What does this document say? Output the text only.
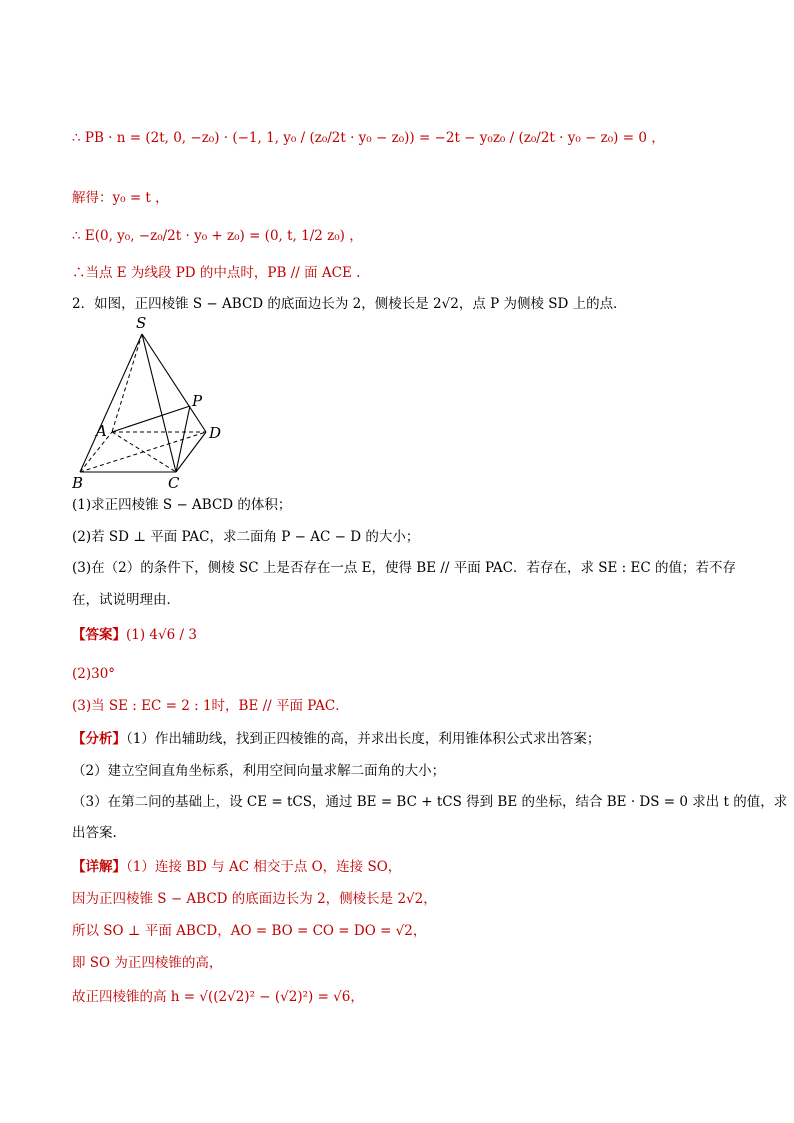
∴ PB · n = (2t, 0, −z₀) · (−1, 1, y₀ / (z₀/2t · y₀ − z₀)) = −2t − y₀z₀ / (z₀/2t · y₀ − z₀) = 0 ，
解得：y₀ = t ，
∴ E(0, y₀, −z₀/2t · y₀ + z₀) = (0, t, 1/2 z₀) ，
∴当点 E 为线段 PD 的中点时，PB // 面 ACE .
2．如图，正四棱锥 S − ABCD 的底面边长为 2，侧棱长是 2√2，点 P 为侧棱 SD 上的点．
S
A
B	C
D
P
(1)求正四棱锥 S − ABCD 的体积；
(2)若 SD ⊥ 平面 PAC，求二面角 P − AC − D 的大小；
(3)在（2）的条件下，侧棱 SC 上是否存在一点 E，使得 BE // 平面 PAC．若存在，求 SE : EC 的值；若不存
在，试说明理由．
【答案】(1) 4√6 / 3
(2)30°
(3)当 SE : EC = 2 : 1时，BE // 平面 PAC．
【分析】（1）作出辅助线，找到正四棱锥的高，并求出长度，利用锥体积公式求出答案；
（2）建立空间直角坐标系，利用空间向量求解二面角的大小；
（3）在第二问的基础上，设 CE = tCS，通过 BE = BC + tCS 得到 BE 的坐标，结合 BE · DS = 0 求出 t 的值，求
出答案.
【详解】（1）连接 BD 与 AC 相交于点 O，连接 SO，
因为正四棱锥 S − ABCD 的底面边长为 2，侧棱长是 2√2，
所以 SO ⊥ 平面 ABCD，AO = BO = CO = DO = √2，
即 SO 为正四棱锥的高，
故正四棱锥的高 h = √((2√2)² − (√2)²) = √6，
